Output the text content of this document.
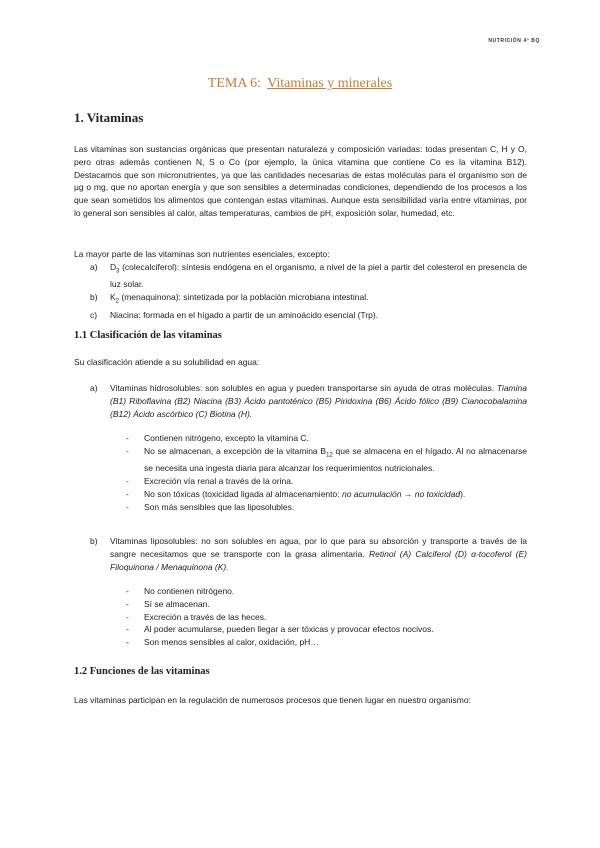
NUTRICIÓN 4º BQ
TEMA 6: Vitaminas y minerales
1. Vitaminas
Las vitaminas son sustancias orgánicas que presentan naturaleza y composición variadas: todas presentan C, H y O, pero otras además contienen N, S o Co (por ejemplo, la única vitamina que contiene Co es la vitamina B12). Destacamos que son micronutrientes, ya que las cantidades necesarias de estas moléculas para el organismo son de µg o mg, que no aportan energía y que son sensibles a determinadas condiciones, dependiendo de los procesos a los que sean sometidos los alimentos que contengan estas vitaminas. Aunque esta sensibilidad varía entre vitaminas, por lo general son sensibles al calor, altas temperaturas, cambios de pH, exposición solar, humedad, etc.
La mayor parte de las vitaminas son nutrientes esenciales, excepto:
a)	$D_3$ (colecalciferol): síntesis endógena en el organismo, a nivel de la piel a partir del colesterol en presencia de luz solar.
b)	$K_2$ (menaquinona): sintetizada por la población microbiana intestinal.
c)	Niacina: formada en el hígado a partir de un aminoácido esencial (Trp).
1.1 Clasificación de las vitaminas
Su clasificación atiende a su solubilidad en agua:
a)	Vitaminas hidrosolubles: son solubles en agua y pueden transportarse sin ayuda de otras moléculas. Tiamina (B1) Riboflavina (B2) Niacina (B3) Ácido pantoténico (B5) Piridoxina (B6) Ácido fólico (B9) Cianocobalamina (B12) Ácido ascórbico (C) Biotina (H).
-	Contienen nitrógeno, excepto la vitamina C.
-	No se almacenan, a excepción de la vitamina $B_{12}$ que se almacena en el hígado. Al no almacenarse se necesita una ingesta diaria para alcanzar los requerimientos nutricionales.
-	Excreción vía renal a través de la orina.
-	No son tóxicas (toxicidad ligada al almacenamiento: no acumulación → no toxicidad).
-	Son más sensibles que las liposolubles.
b)	Vitaminas liposolubles: no son solubles en agua, por lo que para su absorción y transporte a través de la sangre necesitamos que se transporte con la grasa alimentaria. Retinol (A) Calciferol (D) α-tocoferol (E) Filoquinona / Menaquinona (K).
-	No contienen nitrógeno.
-	Sí se almacenan.
-	Excreción a través de las heces.
-	Al poder acumularse, pueden llegar a ser tóxicas y provocar efectos nocivos.
-	Son menos sensibles al calor, oxidación, pH…
1.2 Funciones de las vitaminas
Las vitaminas participan en la regulación de numerosos procesos que tienen lugar en nuestro organismo:
